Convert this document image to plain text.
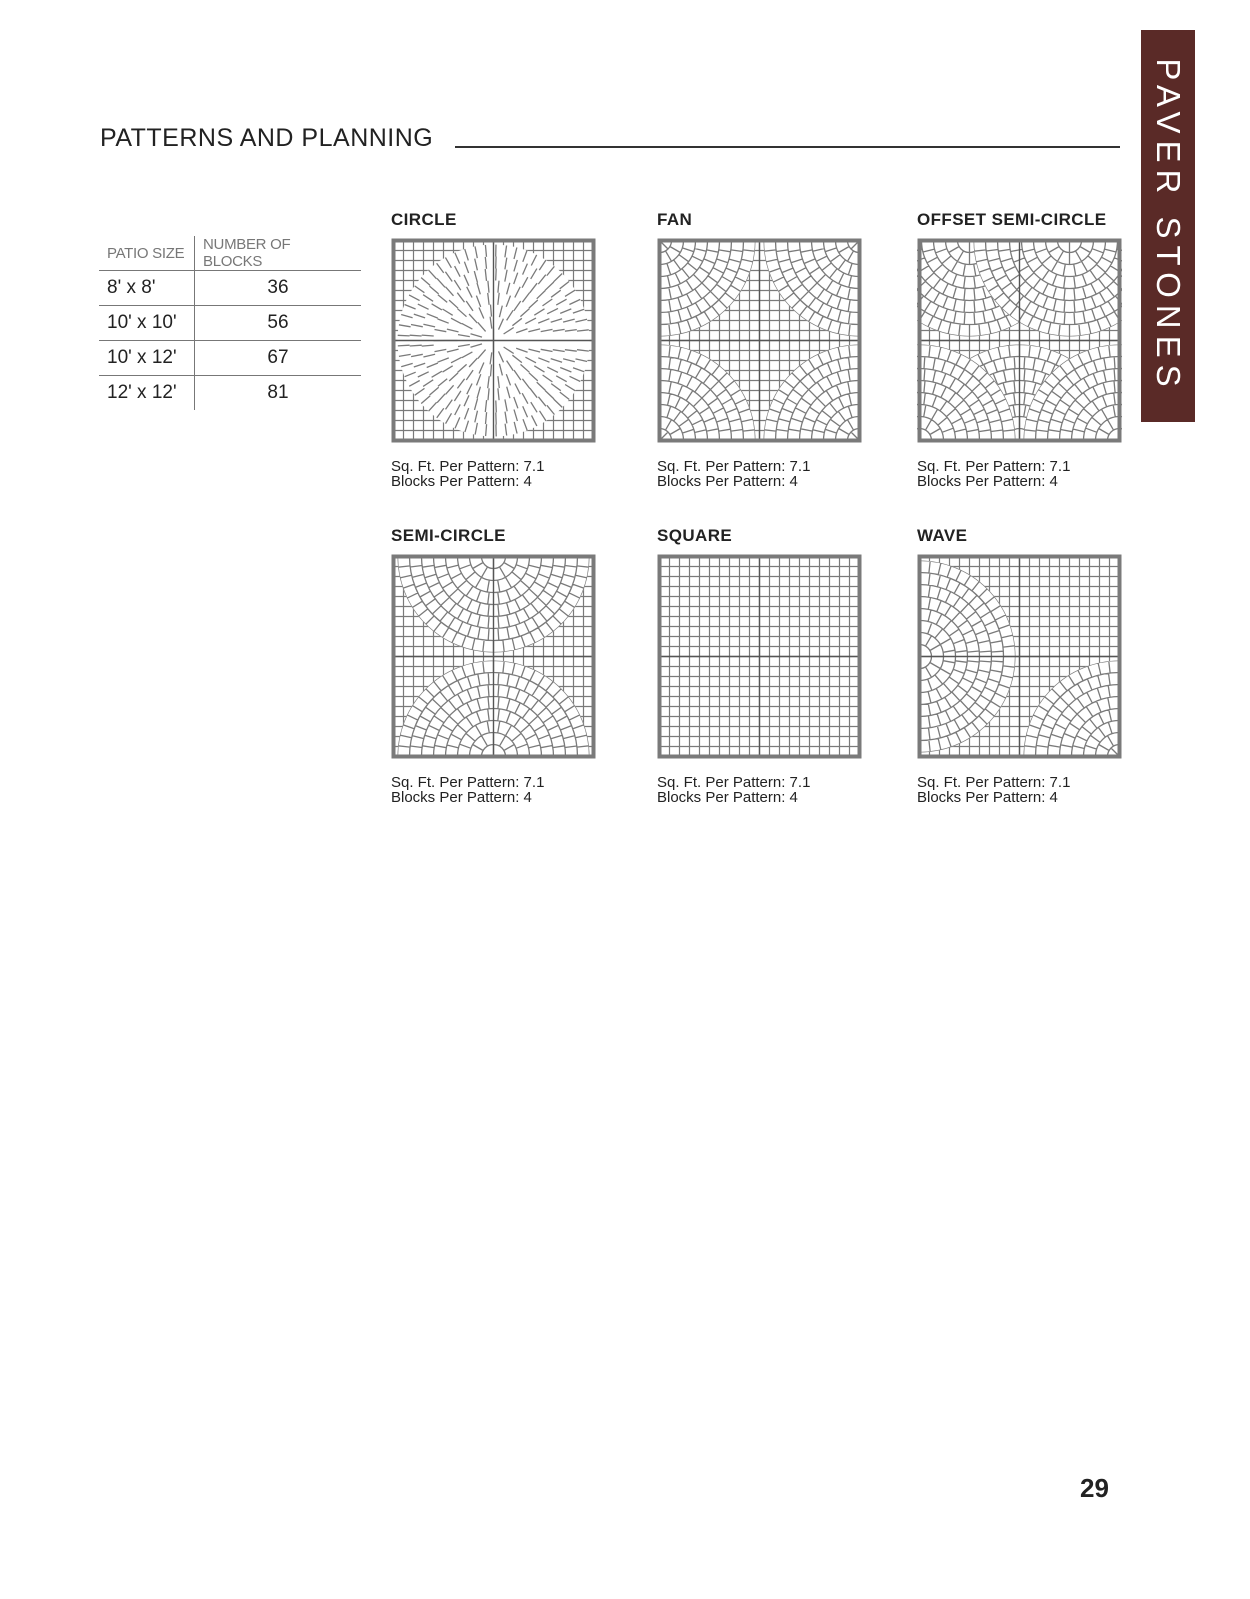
PATTERNS AND PLANNING	PAVER STONES
PATIO SIZE	NUMBER OF BLOCKS
8' x 8'	36
10' x 10'	56
10' x 12'	67
12' x 12'	81
CIRCLE
Sq. Ft. Per Pattern: 7.1
Blocks Per Pattern: 4
FAN
Sq. Ft. Per Pattern: 7.1
Blocks Per Pattern: 4
OFFSET SEMI-CIRCLE
Sq. Ft. Per Pattern: 7.1
Blocks Per Pattern: 4
SEMI-CIRCLE
Sq. Ft. Per Pattern: 7.1
Blocks Per Pattern: 4
SQUARE
Sq. Ft. Per Pattern: 7.1
Blocks Per Pattern: 4
WAVE
Sq. Ft. Per Pattern: 7.1
Blocks Per Pattern: 4
29
